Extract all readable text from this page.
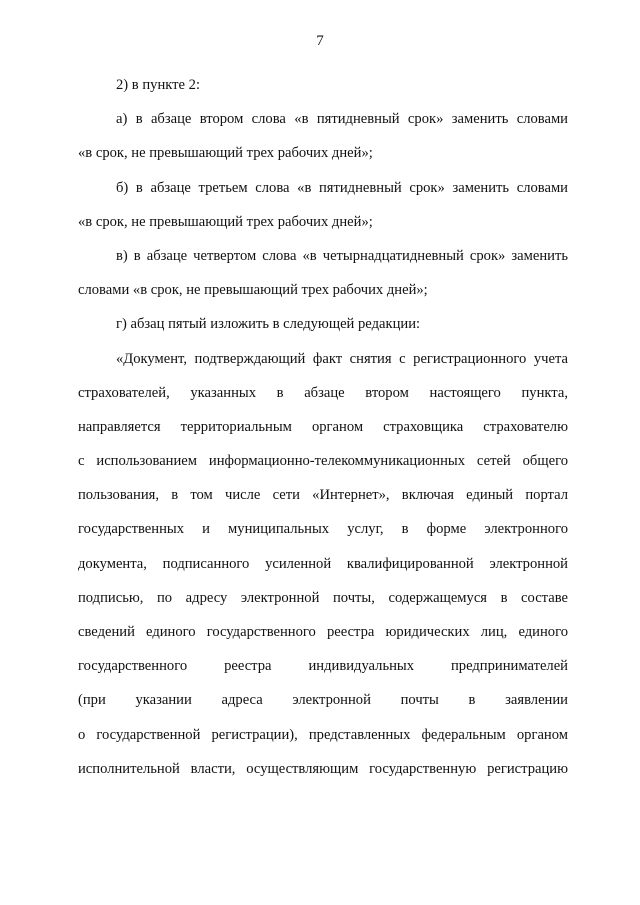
7
2) в пункте 2:
а) в абзаце втором слова «в пятидневный срок» заменить словами
«в срок, не превышающий трех рабочих дней»;
б) в абзаце третьем слова «в пятидневный срок» заменить словами
«в срок, не превышающий трех рабочих дней»;
в) в абзаце четвертом слова «в четырнадцатидневный срок» заменить
словами «в срок, не превышающий трех рабочих дней»;
г) абзац пятый изложить в следующей редакции:
«Документ, подтверждающий факт снятия с регистрационного учета
страхователей, указанных в абзаце втором настоящего пункта,
направляется территориальным органом страховщика страхователю
с использованием информационно-телекоммуникационных сетей общего
пользования, в том числе сети «Интернет», включая единый портал
государственных и муниципальных услуг, в форме электронного
документа, подписанного усиленной квалифицированной электронной
подписью, по адресу электронной почты, содержащемуся в составе
сведений единого государственного реестра юридических лиц, единого
государственного реестра индивидуальных предпринимателей
(при указании адреса электронной почты в заявлении
о государственной регистрации), представленных федеральным органом
исполнительной власти, осуществляющим государственную регистрацию
